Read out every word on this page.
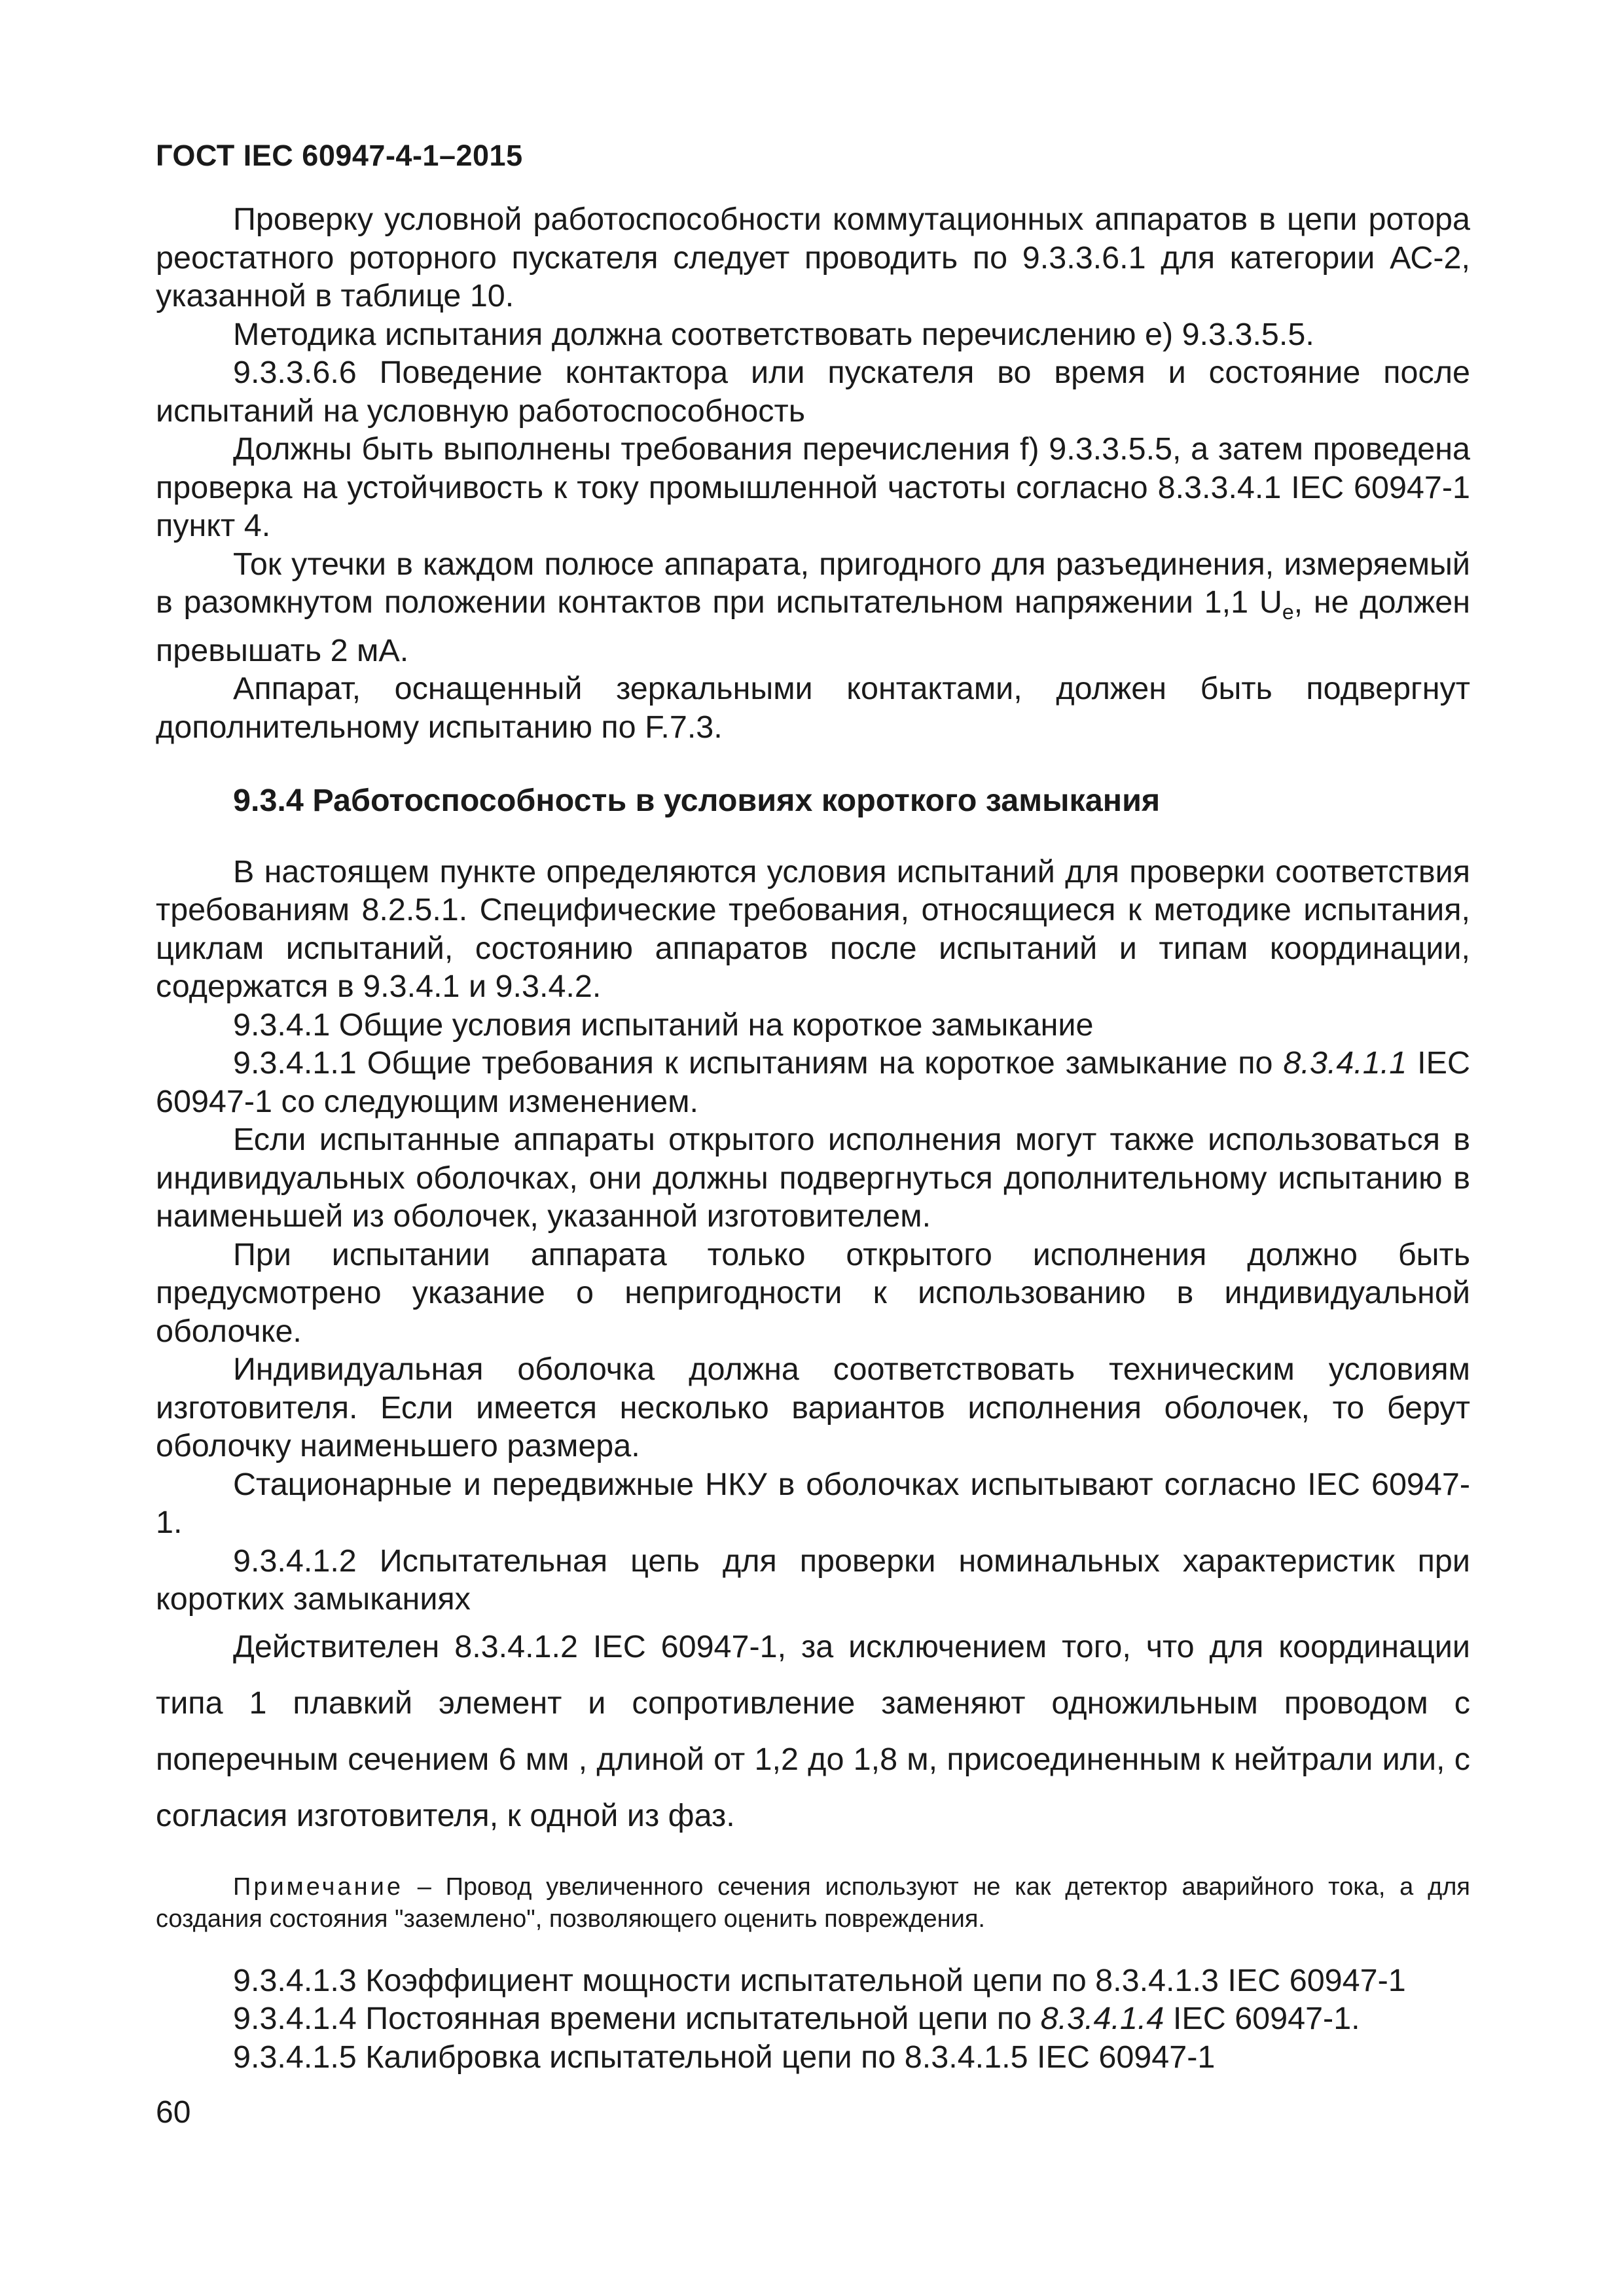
ГОСТ IEC 60947-4-1–2015

Проверку условной работоспособности коммутационных аппаратов в цепи ротора реостатного роторного пускателя следует проводить по 9.3.3.6.1 для категории АС-2, указанной в таблице 10.

Методика испытания должна соответствовать перечислению е) 9.3.3.5.5.

9.3.3.6.6 Поведение контактора или пускателя во время и состояние после испытаний на условную работоспособность

Должны быть выполнены требования перечисления f) 9.3.3.5.5, а затем проведена проверка на устойчивость к току промышленной частоты согласно 8.3.3.4.1 IEC 60947-1 пункт 4.

Ток утечки в каждом полюсе аппарата, пригодного для разъединения, измеряемый в разомкнутом положении контактов при испытательном напряжении 1,1 $U_e$, не должен превышать 2 мА.

Аппарат, оснащенный зеркальными контактами, должен быть подвергнут дополнительному испытанию по F.7.3.

9.3.4 Работоспособность в условиях короткого замыкания

В настоящем пункте определяются условия испытаний для проверки соответствия требованиям 8.2.5.1. Специфические требования, относящиеся к методике испытания, циклам испытаний, состоянию аппаратов после испытаний и типам координации, содержатся в 9.3.4.1 и 9.3.4.2.

9.3.4.1 Общие условия испытаний на короткое замыкание

9.3.4.1.1 Общие требования к испытаниям на короткое замыкание по 8.3.4.1.1 IEC 60947-1 со следующим изменением.

Если испытанные аппараты открытого исполнения могут также использоваться в индивидуальных оболочках, они должны подвергнуться дополнительному испытанию в наименьшей из оболочек, указанной изготовителем.

При испытании аппарата только открытого исполнения должно быть предусмотрено указание о непригодности к использованию в индивидуальной оболочке.

Индивидуальная оболочка должна соответствовать техническим условиям изготовителя. Если имеется несколько вариантов исполнения оболочек, то берут оболочку наименьшего размера.

Стационарные и передвижные НКУ в оболочках испытывают согласно IEC 60947-1.

9.3.4.1.2 Испытательная цепь для проверки номинальных характеристик при коротких замыканиях

Действителен 8.3.4.1.2 IEC 60947-1, за исключением того, что для координации типа 1 плавкий элемент и сопротивление заменяют одножильным проводом с поперечным сечением 6 мм , длиной от 1,2 до 1,8 м, присоединенным к нейтрали или, с согласия изготовителя, к одной из фаз.

Примечание – Провод увеличенного сечения используют не как детектор аварийного тока, а для создания состояния "заземлено", позволяющего оценить повреждения.

9.3.4.1.3 Коэффициент мощности испытательной цепи по 8.3.4.1.3 IEC 60947-1

9.3.4.1.4 Постоянная времени испытательной цепи по 8.3.4.1.4 IEC 60947-1.

9.3.4.1.5 Калибровка испытательной цепи по 8.3.4.1.5 IEC 60947-1

60
